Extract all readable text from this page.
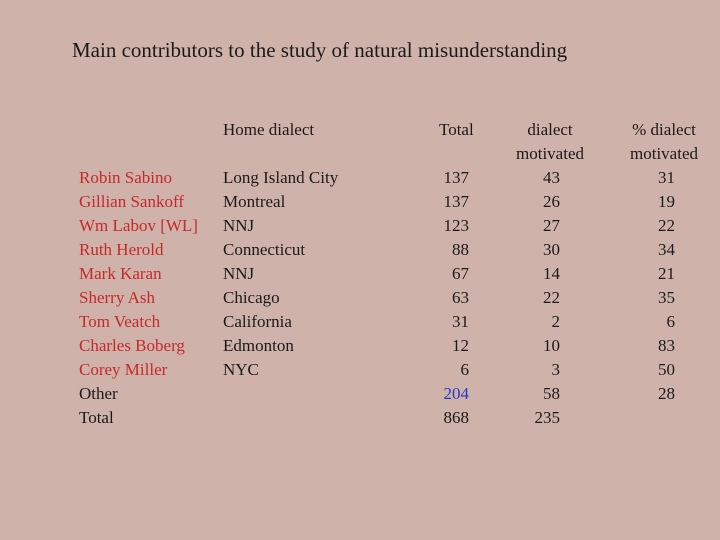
Main contributors to the study of natural misunderstanding
Home dialect	Total	dialect
motivated
% dialect
motivated
Robin Sabino
Gillian Sankoff
Wm Labov [WL]
Ruth Herold
Mark Karan
Sherry Ash
Tom Veatch
Charles Boberg
Corey Miller
Other
Total
Long Island City
Montreal
NNJ
Connecticut
NNJ
Chicago
California
Edmonton
NYC
137
137
123
88
67
63
31
12
6
204
868
43
26
27
30
14
22
2
10
3
58
235
31
19
22
34
21
35
6
83
50
28
